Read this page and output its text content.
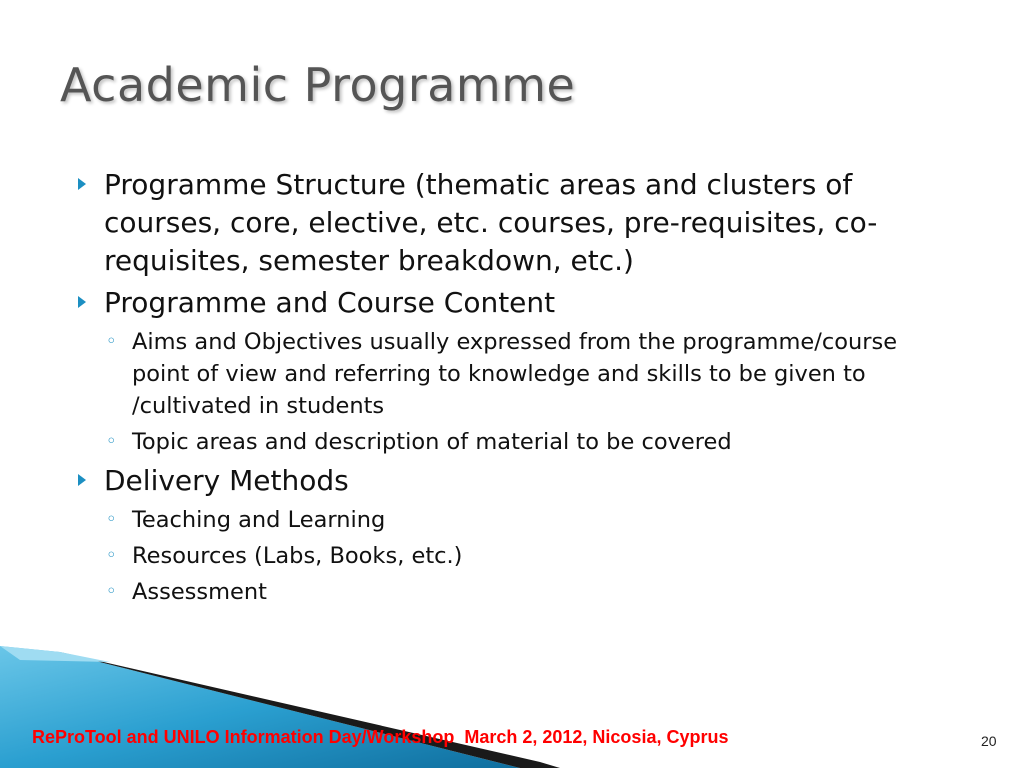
Academic Programme
Programme Structure (thematic areas and clusters of courses, core, elective, etc. courses, pre-requisites, co-requisites, semester breakdown, etc.)
Programme and Course Content
◦ Aims and Objectives usually expressed from the programme/course point of view and referring to knowledge and skills to be given to /cultivated in students
◦ Topic areas and description of material to be covered
Delivery Methods
◦ Teaching and Learning
◦ Resources (Labs, Books, etc.)
◦ Assessment
ReProTool and UNILO Information Day/Workshop  March 2, 2012, Nicosia, Cyprus	20
